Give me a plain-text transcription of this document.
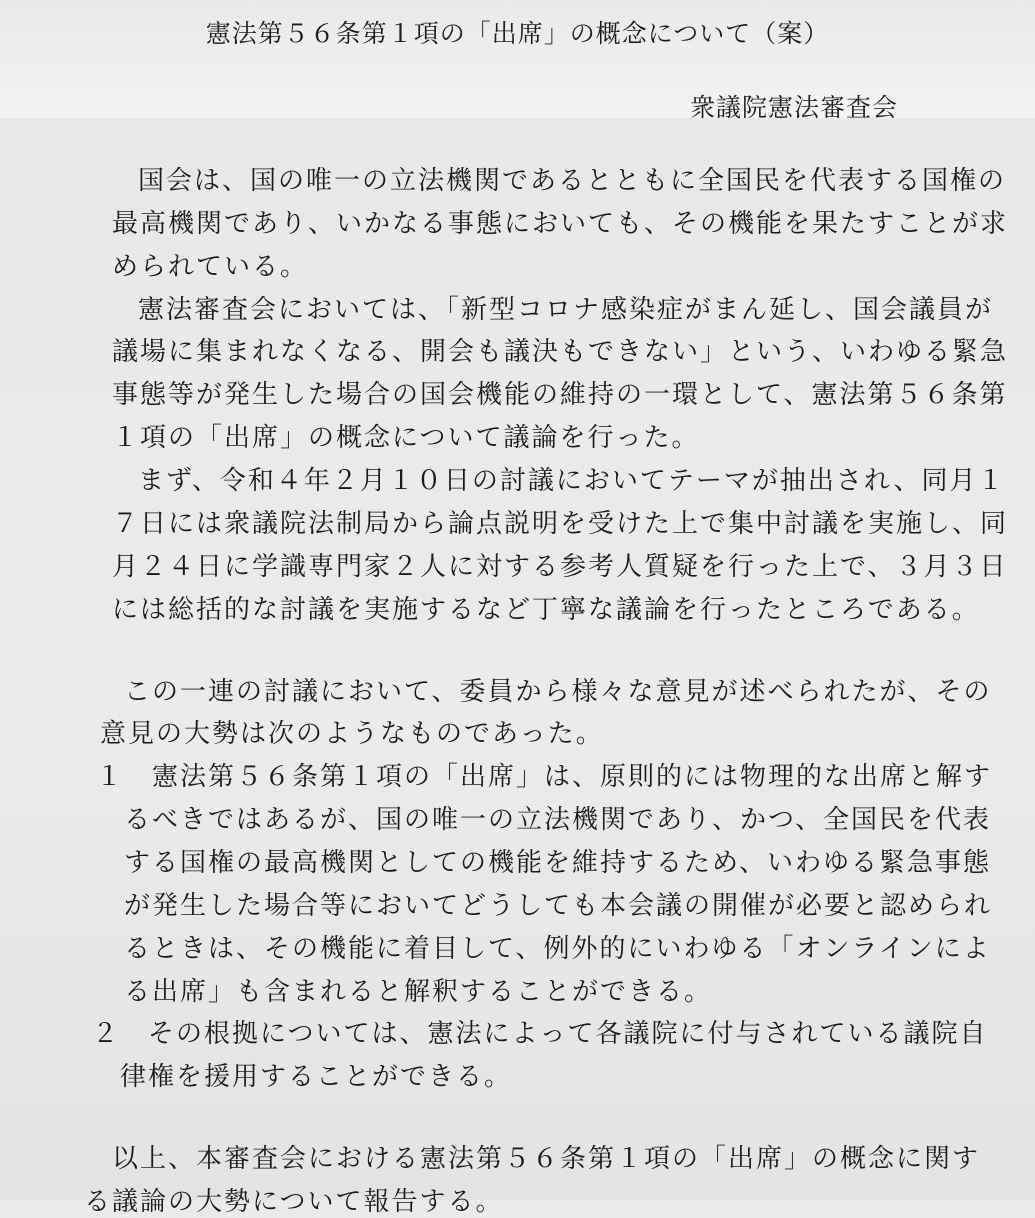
憲法第５６条第１項の「出席」の概念について（案）
衆議院憲法審査会
国会は、国の唯一の立法機関であるとともに全国民を代表する国権の
最高機関であり、いかなる事態においても、その機能を果たすことが求
められている。
憲法審査会においては、「新型コロナ感染症がまん延し、国会議員が
議場に集まれなくなる、開会も議決もできない」という、いわゆる緊急
事態等が発生した場合の国会機能の維持の一環として、憲法第５６条第
１項の「出席」の概念について議論を行った。
まず、令和４年２月１０日の討議においてテーマが抽出され、同月１
７日には衆議院法制局から論点説明を受けた上で集中討議を実施し、同
月２４日に学識専門家２人に対する参考人質疑を行った上で、３月３日
には総括的な討議を実施するなど丁寧な議論を行ったところである。
この一連の討議において、委員から様々な意見が述べられたが、その
意見の大勢は次のようなものであった。
１　憲法第５６条第１項の「出席」は、原則的には物理的な出席と解す
るべきではあるが、国の唯一の立法機関であり、かつ、全国民を代表
する国権の最高機関としての機能を維持するため、いわゆる緊急事態
が発生した場合等においてどうしても本会議の開催が必要と認められ
るときは、その機能に着目して、例外的にいわゆる「オンラインによ
る出席」も含まれると解釈することができる。
２　その根拠については、憲法によって各議院に付与されている議院自
律権を援用することができる。
以上、本審査会における憲法第５６条第１項の「出席」の概念に関す
る議論の大勢について報告する。
